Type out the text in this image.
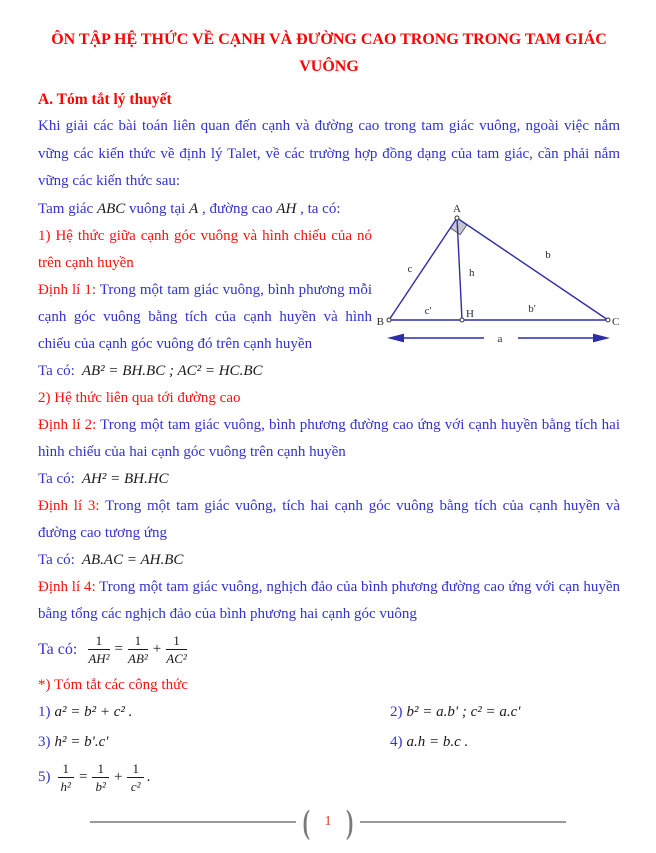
ÔN TẬP HỆ THỨC VỀ CẠNH VÀ ĐƯỜNG CAO TRONG TRONG TAM GIÁC
VUÔNG
A. Tóm tắt lý thuyết

Khi giải các bài toán liên quan đến cạnh và đường cao trong tam giác vuông, ngoài việc nắm vững các kiến thức về định lý Talet, về các trường hợp đồng dạng của tam giác, cần phải nắm vững các kiến thức sau:

Tam giác ABC vuông tại A , đường cao AH , ta có:
1) Hệ thức giữa cạnh góc vuông và hình chiếu của nó trên cạnh huyền
Định lí 1: Trong một tam giác vuông, bình phương mỗi cạnh góc vuông bằng tích của cạnh huyền và hình chiếu của cạnh góc vuông đó trên cạnh huyền
Ta có: AB² = BH.BC ; AC² = HC.BC
A
B	C
H
c
b
h
c'	b'
a
2) Hệ thức liên qua tới đường cao
Định lí 2: Trong một tam giác vuông, bình phương đường cao ứng với cạnh huyền bằng tích hai hình chiếu của hai cạnh góc vuông trên cạnh huyền
Ta có: AH² = BH.HC
Định lí 3: Trong một tam giác vuông, tích hai cạnh góc vuông bằng tích của cạnh huyền và đường cao tương ứng
Ta có: AB.AC = AH.BC
Định lí 4: Trong một tam giác vuông, nghịch đảo của bình phương đường cao ứng với cạn huyền bằng tổng các nghịch đảo của bình phương hai cạnh góc vuông
Ta có: $\frac{1}{\text{AH²}} = \frac{1}{\text{AB²}} + \frac{1}{\text{AC²}}$
*) Tóm tắt các công thức
1) a² = b² + c² .	2) b² = a.b' ; c² = a.c'
3) h² = b'.c'	4) a.h = b.c .
$5) \frac{1}{\text{h²}} = \frac{1}{\text{b²}} + \frac{1}{\text{c²}}$ .
(	1 )
